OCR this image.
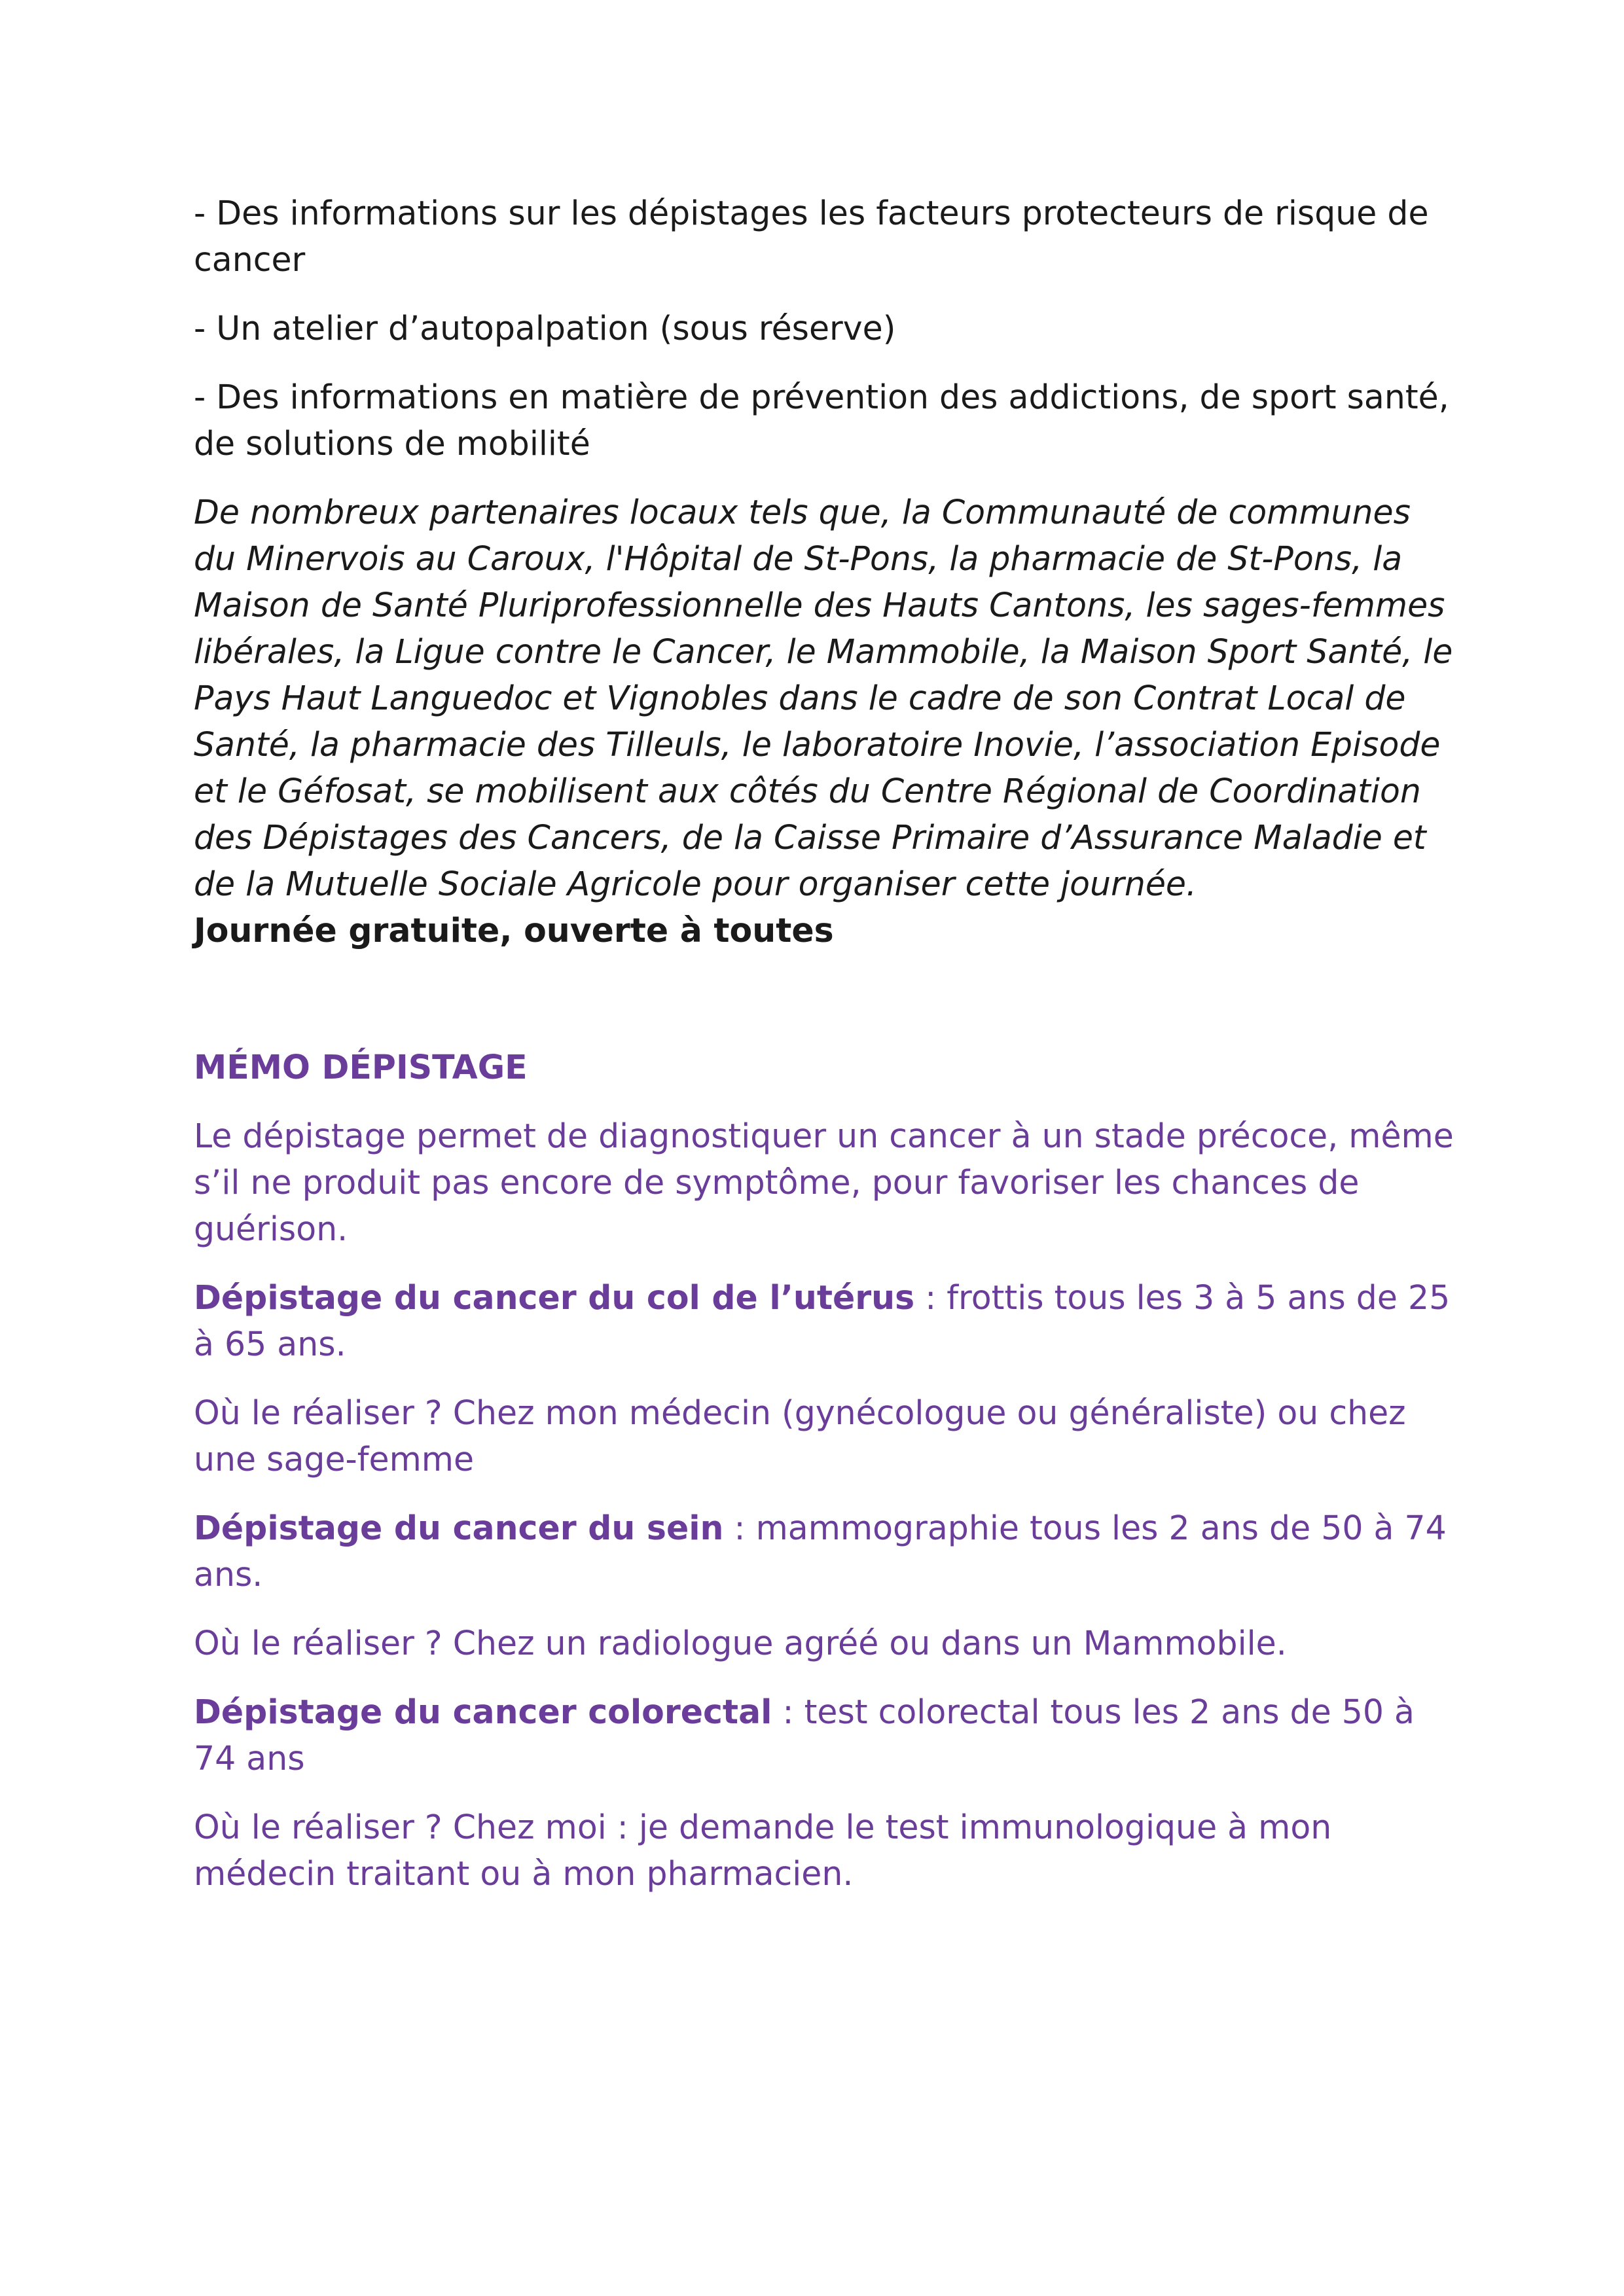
- Des informations sur les dépistages les facteurs protecteurs de risque de cancer

- Un atelier d’autopalpation (sous réserve)

- Des informations en matière de prévention des addictions, de sport santé, de solutions de mobilité

De nombreux partenaires locaux tels que, la Communauté de communes du Minervois au Caroux, l'Hôpital de St-Pons, la pharmacie de St-Pons, la Maison de Santé Pluriprofessionnelle des Hauts Cantons, les sages-femmes libérales, la Ligue contre le Cancer, le Mammobile, la Maison Sport Santé, le Pays Haut Languedoc et Vignobles dans le cadre de son Contrat Local de Santé, la pharmacie des Tilleuls, le laboratoire Inovie, l’association Episode et le Géfosat, se mobilisent aux côtés du Centre Régional de Coordination des Dépistages des Cancers, de la Caisse Primaire d’Assurance Maladie et de la Mutuelle Sociale Agricole pour organiser cette journée.

Journée gratuite, ouverte à toutes

MÉMO DÉPISTAGE

Le dépistage permet de diagnostiquer un cancer à un stade précoce, même s’il ne produit pas encore de symptôme, pour favoriser les chances de guérison.

Dépistage du cancer du col de l’utérus : frottis tous les 3 à 5 ans de 25 à 65 ans.

Où le réaliser ? Chez mon médecin (gynécologue ou généraliste) ou chez une sage-femme

Dépistage du cancer du sein : mammographie tous les 2 ans de 50 à 74 ans.

Où le réaliser ? Chez un radiologue agréé ou dans un Mammobile.

Dépistage du cancer colorectal : test colorectal tous les 2 ans de 50 à 74 ans

Où le réaliser ? Chez moi : je demande le test immunologique à mon médecin traitant ou à mon pharmacien.
